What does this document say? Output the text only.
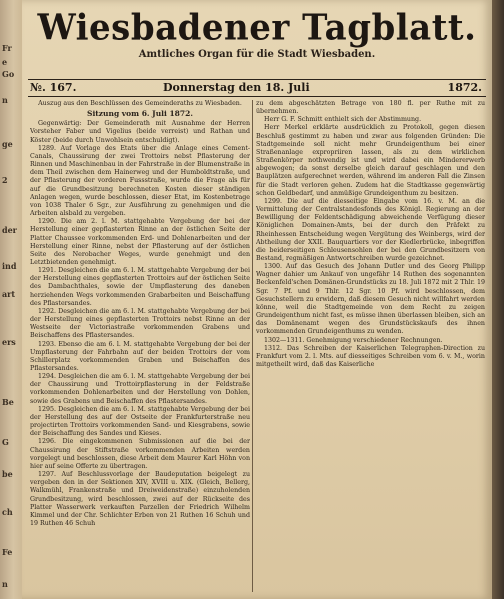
Fr
e
Go
n
ge
2
der
ind
art
ers
Be
G
be
ch
Fe
n
Wiesbadener Tagblatt.
Amtliches Organ für die Stadt Wiesbaden.
№. 167.	Donnerstag den 18. Juli	1872.

Auszug aus den Beschlüssen des Gemeinderaths zu Wiesbaden.

Sitzung vom 6. Juli 1872.

Gegenwärtig: Der Gemeinderath mit Ausnahme der Herren Vorsteher Faber und Vigelius (beide verreist) und Rathan und Köster (beide durch Unwohlsein entschuldigt).

1289. Auf Vorlage des Etats über die Anlage eines Cement-Canals, Chaussirung der zwei Trottoirs nebst Pflasterung der Rinnen und Maschinenbau in der Fahrstraße in der Blumenstraße in dem Theil zwischen dem Hainerweg und der Humboldtstraße, und der Pflasterung der vorderen Fussstraße, wurde die Frage als für auf die Grundbesitzung berechneten Kosten dieser ständigen Anlagen wegen, wurde beschlossen, dieser Etat, im Kostenbetrage von 1038 Thaler 6 Sgr., zur Ausführung zu genehmigen und die Arbeiten alsbald zu vergeben.

1290. Die am 2. l. M. stattgehabte Vergebung der bei der Herstellung einer gepflasterten Rinne an der östlichen Seite der Platter Chaussee vorkommenden Erd- und Dohlenarbeiten und der Herstellung einer Rinne, nebst der Pflasterung auf der östlichen Seite des Nerobacher Weges, wurde genehmigt und den Letztbietenden genehmigt.

1291. Desgleichen die am 6. l. M. stattgehabte Vergebung der bei der Herstellung eines gepflasterten Trottoirs auf der östlichen Seite des Dambachthales, sowie der Umpflasterung des daneben herziehenden Wegs vorkommenden Grabarbeiten und Beischaffung des Pflastersandes.

1292. Desgleichen die am 6. l. M. stattgehabte Vergebung der bei der Herstellung eines gepflasterten Trottoirs nebst Rinne an der Westseite der Victoriastraße vorkommenden Grabens und Beischaffens des Pflastersandes.

1293. Ebenso die am 6. l. M. stattgehabte Vergebung der bei der Umpflasterung der Fahrbahn auf der beiden Trottoirs der vom Schillerplatz vorkommenden Graben und Beischaffen des Pflastersandes.

1294. Desgleichen die am 6. l. M. stattgehabte Vergebung der bei der Chaussirung und Trottoirpflasterung in der Feldstraße vorkommenden Dohlenarbeiten und der Herstellung von Dohlen, sowie des Grabens und Beischaffen des Pflastersandes.

1295. Desgleichen die am 6. l. M. stattgehabte Vergebung der bei der Herstellung des auf der Ostseite der Frankfurterstraße neu projectirten Trottoirs vorkommenden Sand- und Kiesgrabens, sowie der Beischaffung des Sandes und Kieses.

1296. Die eingekommenen Submissionen auf die bei der Chaussirung der Stiftstraße vorkommenden Arbeiten werden vorgelegt und beschlossen, diese Arbeit dem Maurer Karl Höhn von hier auf seine Offerte zu übertragen.

1297. Auf Beschlussvorlage der Baudeputation beigelegt zu vergeben den in der Sektionen XIV, XVIII u. XIX. (Gleich, Bellerg, Walkmühl, Frankenstraße und Dreiweidenstraße) einzuholenden Grundbesitzung, wird beschlossen, zwei auf der Rückseite des Platter Wasserwerk verkauften Parzellen der Friedrich Wilhelm Kimmel und der Chr. Schlichter Erben von 21 Ruthen 16 Schuh und 19 Ruthen 46 Schuh

zu dem abgeschätzten Betrage von 180 fl. per Ruthe mit zu übernehmen.

Herr G. F. Schmitt enthielt sich der Abstimmung.

Herr Merkel erklärte ausdrücklich zu Protokoll, gegen diesen Beschluß gestimmt zu haben und zwar aus folgenden Gründen: Die Stadtgemeinde soll nicht mehr Grundeigenthum bei einer Straßenanlage expropriiren lassen, als zu dem wirklichen Straßenkörper nothwendig ist und wird dabei ein Mindererwerb abgewogen; da sonst derselbe gleich darauf geschlagen und den Bauplätzen aufgerechnet werden, während im anderen Fall die Zinsen für die Stadt verloren gehen. Zudem hat die Stadtkasse gegenwärtig schon Geldbedarf, und anmüßige Grundeigenthum zu besitzen.

1299. Die auf die diesseitige Eingabe vom 16. v. M. an die Vermittelung der Centralstandesfonds des Königl. Regierung an der Bewilligung der Feldentschädigung abweichende Verfügung dieser Königlichen Domainen-Amts, bei der durch den Präfekt zu Rheinhessen Entscheidung wegen Vergütung des Weinbergs, wird der Abtheilung der XXII. Bauquartiers vor der Kiedlerbrücke, inbegriffen die beiderseitigen Schleusensohlen der bei den Grundbesitzern von Bestand, regmäßigen Antwortschreiben wurde gezeichnet.

1300. Auf das Gesuch des Johann Dutler und des Georg Philipp Wagner dahier um Ankauf von ungefähr 14 Ruthen des sogenannten Beckenfeld'schen Domänen-Grundstücks zu 18. Juli 1872 mit 2 Thlr. 19 Sgr. 7 Pf. und 9 Thlr. 12 Sgr. 10 Pf. wird beschlossen, dem Gesuchstellern zu erwidern, daß diesem Gesuch nicht willfahrt werden könne, weil die Stadtgemeinde von dem Recht zu zeigen Grundeigenthum nicht fast, es müsse ihnen überlassen bleiben, sich an das Domänenamt wegen des Grundstückskaufs des ihnen vorkommenden Grundeigenthums zu wenden.

1302—1311. Genehmigung verschiedener Rechnungen.

1312. Das Schreiben der Kaiserlichen Telegraphen-Direction zu Frankfurt vom 2. l. Mts. auf diesseitiges Schreiben vom 6. v. M., worin mitgetheilt wird, daß das Kaiserliche
